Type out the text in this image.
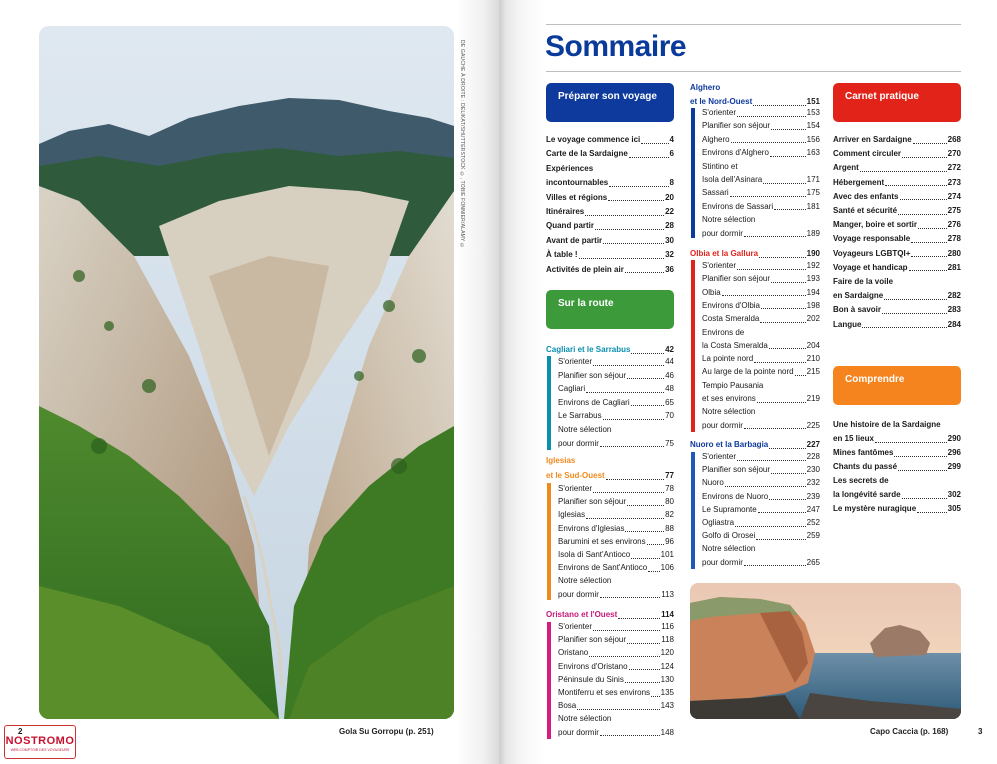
DE GAUCHE À DROITE : DELIKAT/SHUTTERSTOCK ©, TOBIE FONNIER/ALAMY ©
Gola Su Gorropu (p. 251)
NOSTROMO
WEB COMPTOIR DES VOYAGEURS
2
Sommaire
Préparer son voyage
Le voyage commence ici	4
Carte de la Sardaigne	6
Expériences
incontournables	8
Villes et régions	20
Itinéraires	22
Quand partir	28
Avant de partir	30
À table !	32
Activités de plein air	36
Sur la route
Cagliari et le Sarrabus	42
S'orienter	44
Planifier son séjour	46
Cagliari	48
Environs de Cagliari	65
Le Sarrabus	70
Notre sélection
pour dormir	75
Iglesias
et le Sud-Ouest	77
S'orienter	78
Planifier son séjour	80
Iglesias	82
Environs d'Iglesias	88
Barumini et ses environs 96
Isola di Sant'Antioco	101
Environs de Sant'Antioco 106
Notre sélection
pour dormir	113
Oristano et l'Ouest	114
S'orienter	116
Planifier son séjour	118
Oristano	120
Environs d'Oristano	124
Péninsule du Sinis	130
Montiferru et ses environs 135
Bosa	143
Notre sélection
pour dormir	148
Alghero
et le Nord-Ouest	151
S'orienter	153
Planifier son séjour	154
Alghero	156
Environs d'Alghero	163
Stintino et
Isola dell'Asinara	171
Sassari	175
Environs de Sassari	181
Notre sélection
pour dormir	189
Olbia et la Gallura	190
S'orienter	192
Planifier son séjour	193
Olbia	194
Environs d'Olbia	198
Costa Smeralda	202
Environs de
la Costa Smeralda	204
La pointe nord	210
Au large de la pointe nord 215
Tempio Pausania
et ses environs	219
Notre sélection
pour dormir	225
Nuoro et la Barbagia	227
S'orienter	228
Planifier son séjour	230
Nuoro	232
Environs de Nuoro	239
Le Supramonte	247
Ogliastra	252
Golfo di Orosei	259
Notre sélection
pour dormir	265
Carnet pratique
Arriver en Sardaigne	268
Comment circuler	270
Argent	272
Hébergement	273
Avec des enfants	274
Santé et sécurité	275
Manger, boire et sortir	276
Voyage responsable	278
Voyageurs LGBTQI+	280
Voyage et handicap	281
Faire de la voile
en Sardaigne	282
Bon à savoir	283
Langue	284
Comprendre
Une histoire de la Sardaigne
en 15 lieux	290
Mines fantômes	296
Chants du passé	299
Les secrets de
la longévité sarde	302
Le mystère nuragique	305
Capo Caccia (p. 168)	3
